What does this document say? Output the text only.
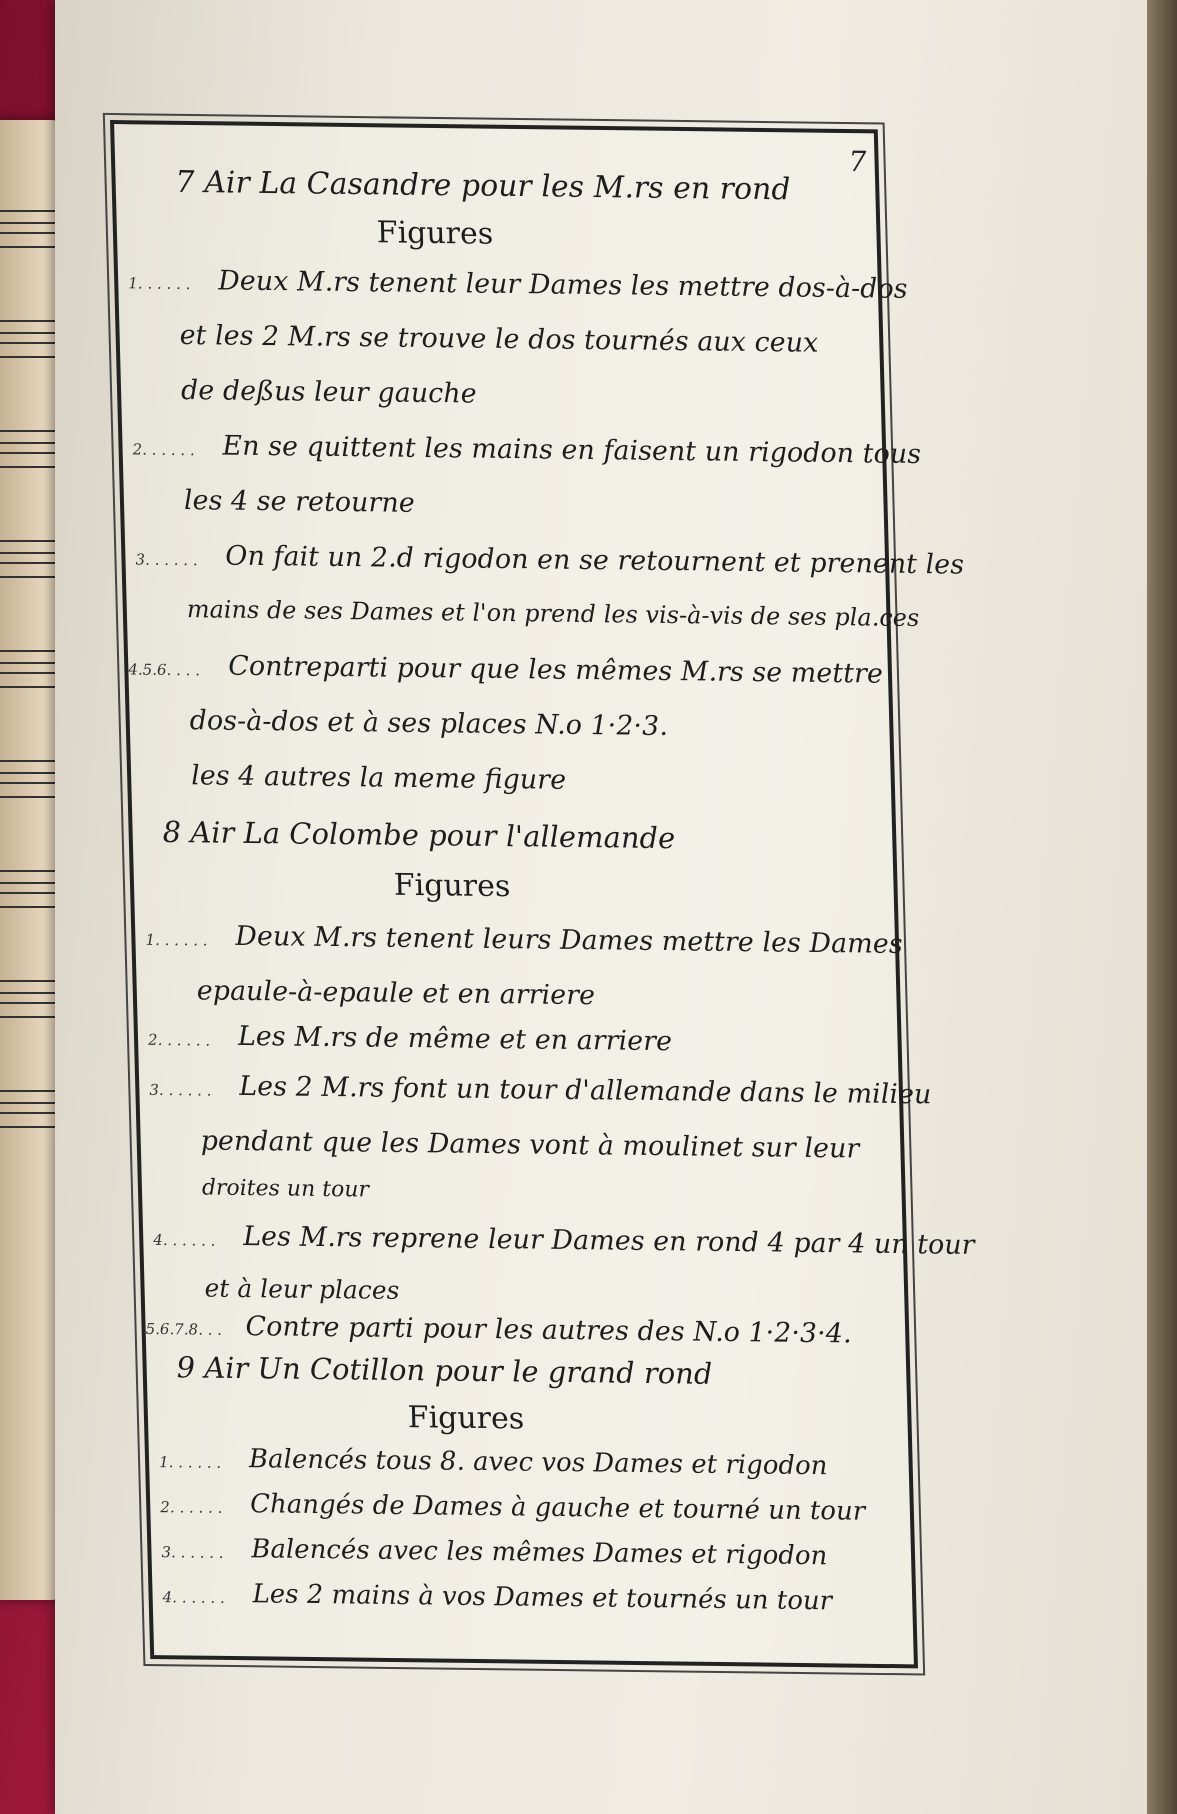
7
7 Air La Casandre pour les M.rs en rond
Figures
1. . . . . . Deux M.rs tenent leur Dames les mettre dos-à-dos
et les 2 M.rs se trouve le dos tournés aux ceux
de deßus leur gauche
2. . . . . . En se quittent les mains en faisent un rigodon tous
les 4 se retourne
3. . . . . . On fait un 2.d rigodon en se retournent et prenent les
mains de ses Dames et l'on prend les vis-à-vis de ses pla.ces
4.5.6. . . . Contreparti pour que les mêmes M.rs se mettre
dos-à-dos et à ses places N.o 1·2·3.
les 4 autres la meme figure
8 Air La Colombe pour l'allemande
Figures
1. . . . . . Deux M.rs tenent leurs Dames mettre les Dames
epaule-à-epaule et en arriere
2. . . . . . Les M.rs de même et en arriere
3. . . . . . Les 2 M.rs font un tour d'allemande dans le milieu
pendant que les Dames vont à moulinet sur leur
droites un tour
4. . . . . . Les M.rs reprene leur Dames en rond 4 par 4 un tour
et à leur places
5.6.7.8. . . Contre parti pour les autres des N.o 1·2·3·4.
9 Air Un Cotillon pour le grand rond
Figures
1. . . . . . Balencés tous 8. avec vos Dames et rigodon
2. . . . . . Changés de Dames à gauche et tourné un tour
3. . . . . . Balencés avec les mêmes Dames et rigodon
4. . . . . . Les 2 mains à vos Dames et tournés un tour
